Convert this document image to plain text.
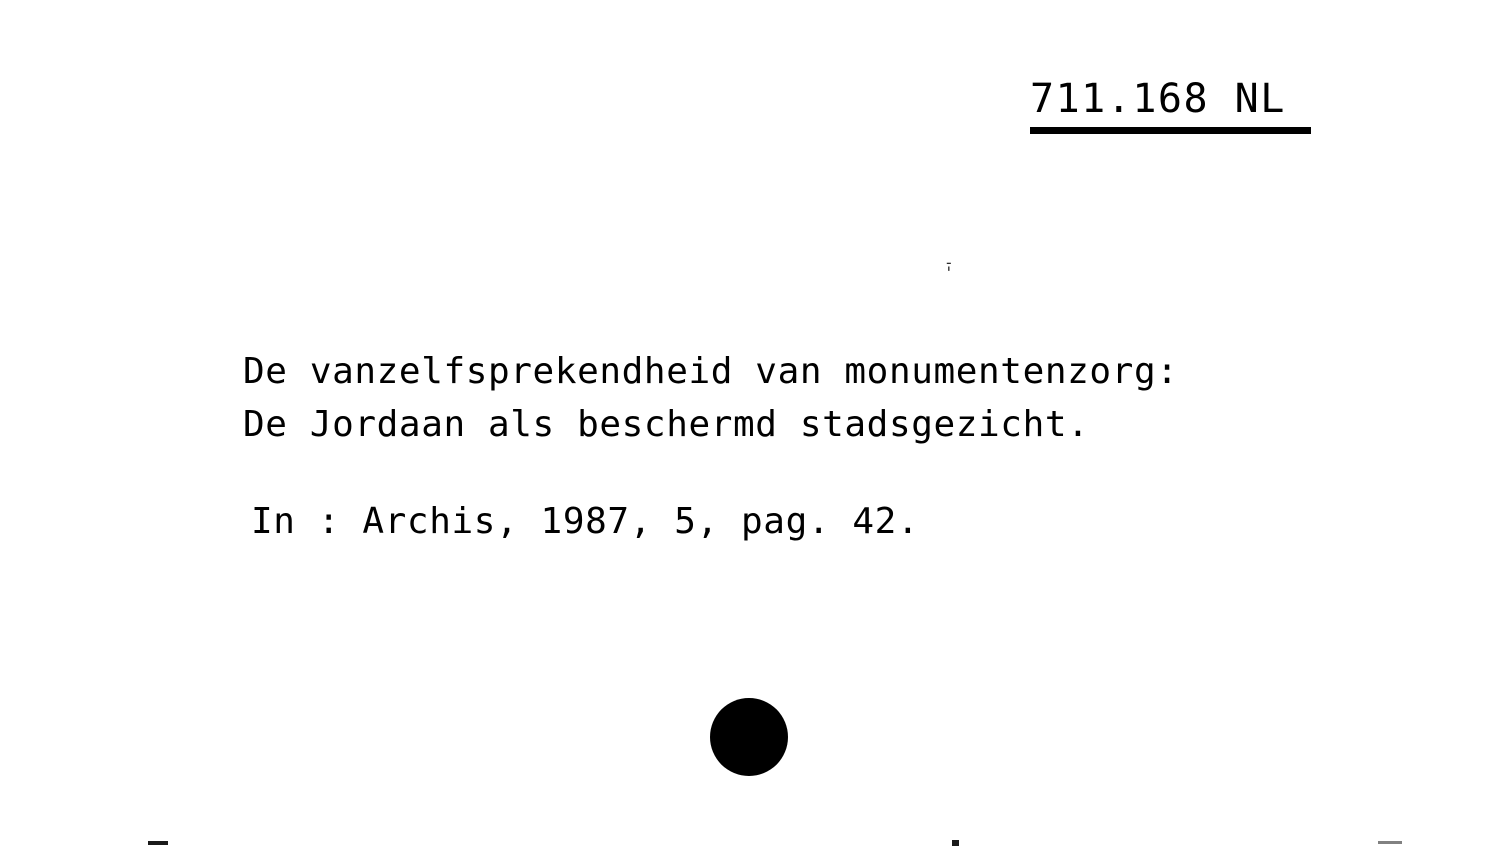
711.168 NL
-'
De vanzelfsprekendheid van monumentenzorg:
De Jordaan als beschermd stadsgezicht.
In : Archis, 1987, 5, pag. 42.
